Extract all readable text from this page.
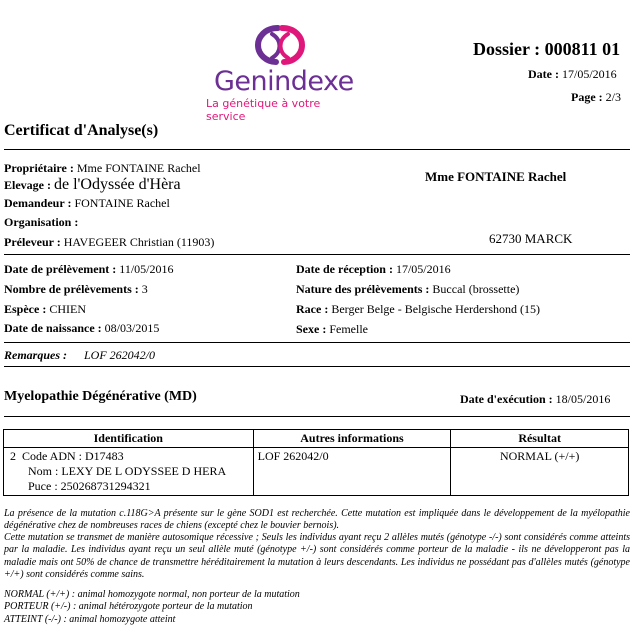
Genindexe
La génétique à votre service
Dossier : 000811 01
Date : 17/05/2016
Page : 2/3
Certificat d'Analyse(s)
Propriétaire : Mme FONTAINE Rachel
Elevage : de l'Odyssée d'Hèra
Demandeur : FONTAINE Rachel
Organisation :
Préleveur : HAVEGEER Christian (11903)
Mme FONTAINE Rachel
62730 MARCK
Date de prélèvement : 11/05/2016
Nombre de prélèvements : 3
Espèce : CHIEN
Date de naissance : 08/03/2015
Date de réception : 17/05/2016
Nature des prélèvements : Buccal (brossette)
Race : Berger Belge - Belgische Herdershond (15)
Sexe : Femelle
Remarques : LOF 262042/0
Myelopathie Dégénérative (MD)	Date d'exécution : 18/05/2016
Identification	Autres informations	Résultat

2 Code ADN : D17483
Nom : LEXY DE L ODYSSEE D HERA
Puce : 250268731294321	LOF 262042/0	NORMAL (+/+)
La présence de la mutation c.118G>A présente sur le gène SOD1 est recherchée. Cette mutation est impliquée dans le développement de la myélopathie dégénérative chez de nombreuses races de chiens (excepté chez le bouvier bernois).
Cette mutation se transmet de manière autosomique récessive ; Seuls les individus ayant reçu 2 allèles mutés (génotype -/-) sont considérés comme atteints par la maladie. Les individus ayant reçu un seul allèle muté (génotype +/-) sont considérés comme porteur de la maladie - ils ne développeront pas la maladie mais ont 50% de chance de transmettre héréditairement la mutation à leurs descendants. Les individus ne possédant pas d'allèles mutés (génotype +/+) sont considérés comme sains.
NORMAL (+/+) : animal homozygote normal, non porteur de la mutation
PORTEUR (+/-) : animal hétérozygote porteur de la mutation
ATTEINT (-/-) : animal homozygote atteint
